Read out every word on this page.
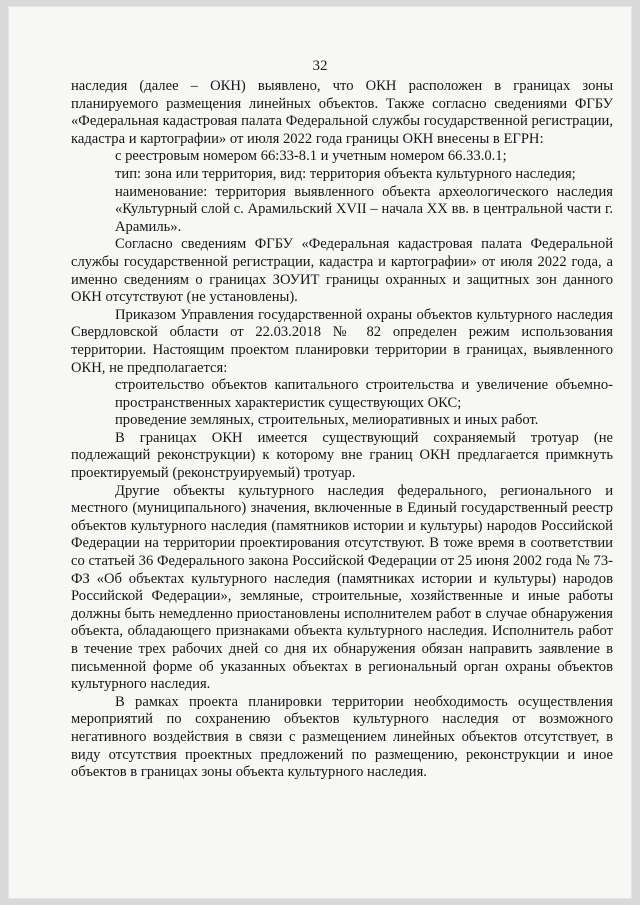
32

наследия (далее – ОКН) выявлено, что ОКН расположен в границах зоны планируемого размещения линейных объектов. Также согласно сведениями ФГБУ «Федеральная кадастровая палата Федеральной службы государственной регистрации, кадастра и картографии» от июля 2022 года границы ОКН внесены в ЕГРН:

с реестровым номером 66:33-8.1 и учетным номером 66.33.0.1;

тип: зона или территория, вид: территория объекта культурного наследия;

наименование: территория выявленного объекта археологического наследия «Культурный слой с. Арамильский XVII – начала XX вв. в центральной части г. Арамиль».

Согласно сведениям ФГБУ «Федеральная кадастровая палата Федеральной службы государственной регистрации, кадастра и картографии» от июля 2022 года, а именно сведениям о границах ЗОУИТ границы охранных и защитных зон данного ОКН отсутствуют (не установлены).

Приказом Управления государственной охраны объектов культурного наследия Свердловской области от 22.03.2018 № 82 определен режим использования территории. Настоящим проектом планировки территории в границах, выявленного ОКН, не предполагается:

строительство объектов капитального строительства и увеличение объемно-пространственных характеристик существующих ОКС;

проведение земляных, строительных, мелиоративных и иных работ.

В границах ОКН имеется существующий сохраняемый тротуар (не подлежащий реконструкции) к которому вне границ ОКН предлагается примкнуть проектируемый (реконструируемый) тротуар.

Другие объекты культурного наследия федерального, регионального и местного (муниципального) значения, включенные в Единый государственный реестр объектов культурного наследия (памятников истории и культуры) народов Российской Федерации на территории проектирования отсутствуют. В тоже время в соответствии со статьей 36 Федерального закона Российской Федерации от 25 июня 2002 года № 73-ФЗ «Об объектах культурного наследия (памятниках истории и культуры) народов Российской Федерации», земляные, строительные, хозяйственные и иные работы должны быть немедленно приостановлены исполнителем работ в случае обнаружения объекта, обладающего признаками объекта культурного наследия. Исполнитель работ в течение трех рабочих дней со дня их обнаружения обязан направить заявление в письменной форме об указанных объектах в региональный орган охраны объектов культурного наследия.

В рамках проекта планировки территории необходимость осуществления мероприятий по сохранению объектов культурного наследия от возможного негативного воздействия в связи с размещением линейных объектов отсутствует, в виду отсутствия проектных предложений по размещению, реконструкции и иное объектов в границах зоны объекта культурного наследия.
